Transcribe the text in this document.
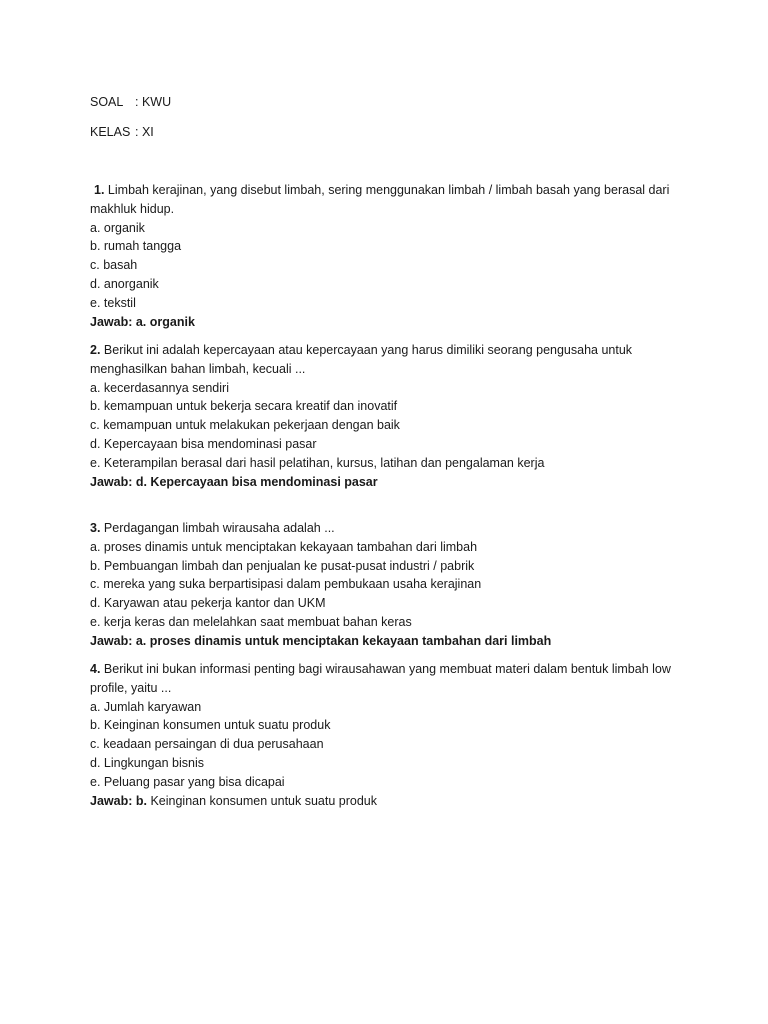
SOAL : KWU
KELAS : XI
1. Limbah kerajinan, yang disebut limbah, sering menggunakan limbah / limbah basah yang berasal dari makhluk hidup.
a. organik
b. rumah tangga
c. basah
d. anorganik
e. tekstil
Jawab: a. organik
2. Berikut ini adalah kepercayaan atau kepercayaan yang harus dimiliki seorang pengusaha untuk menghasilkan bahan limbah, kecuali ...
a. kecerdasannya sendiri
b. kemampuan untuk bekerja secara kreatif dan inovatif
c. kemampuan untuk melakukan pekerjaan dengan baik
d. Kepercayaan bisa mendominasi pasar
e. Keterampilan berasal dari hasil pelatihan, kursus, latihan dan pengalaman kerja
Jawab: d. Kepercayaan bisa mendominasi pasar
3. Perdagangan limbah wirausaha adalah ...
a. proses dinamis untuk menciptakan kekayaan tambahan dari limbah
b. Pembuangan limbah dan penjualan ke pusat-pusat industri / pabrik
c. mereka yang suka berpartisipasi dalam pembukaan usaha kerajinan
d. Karyawan atau pekerja kantor dan UKM
e. kerja keras dan melelahkan saat membuat bahan keras
Jawab: a. proses dinamis untuk menciptakan kekayaan tambahan dari limbah
4. Berikut ini bukan informasi penting bagi wirausahawan yang membuat materi dalam bentuk limbah low profile, yaitu ...
a. Jumlah karyawan
b. Keinginan konsumen untuk suatu produk
c. keadaan persaingan di dua perusahaan
d. Lingkungan bisnis
e. Peluang pasar yang bisa dicapai
Jawab: b. Keinginan konsumen untuk suatu produk
